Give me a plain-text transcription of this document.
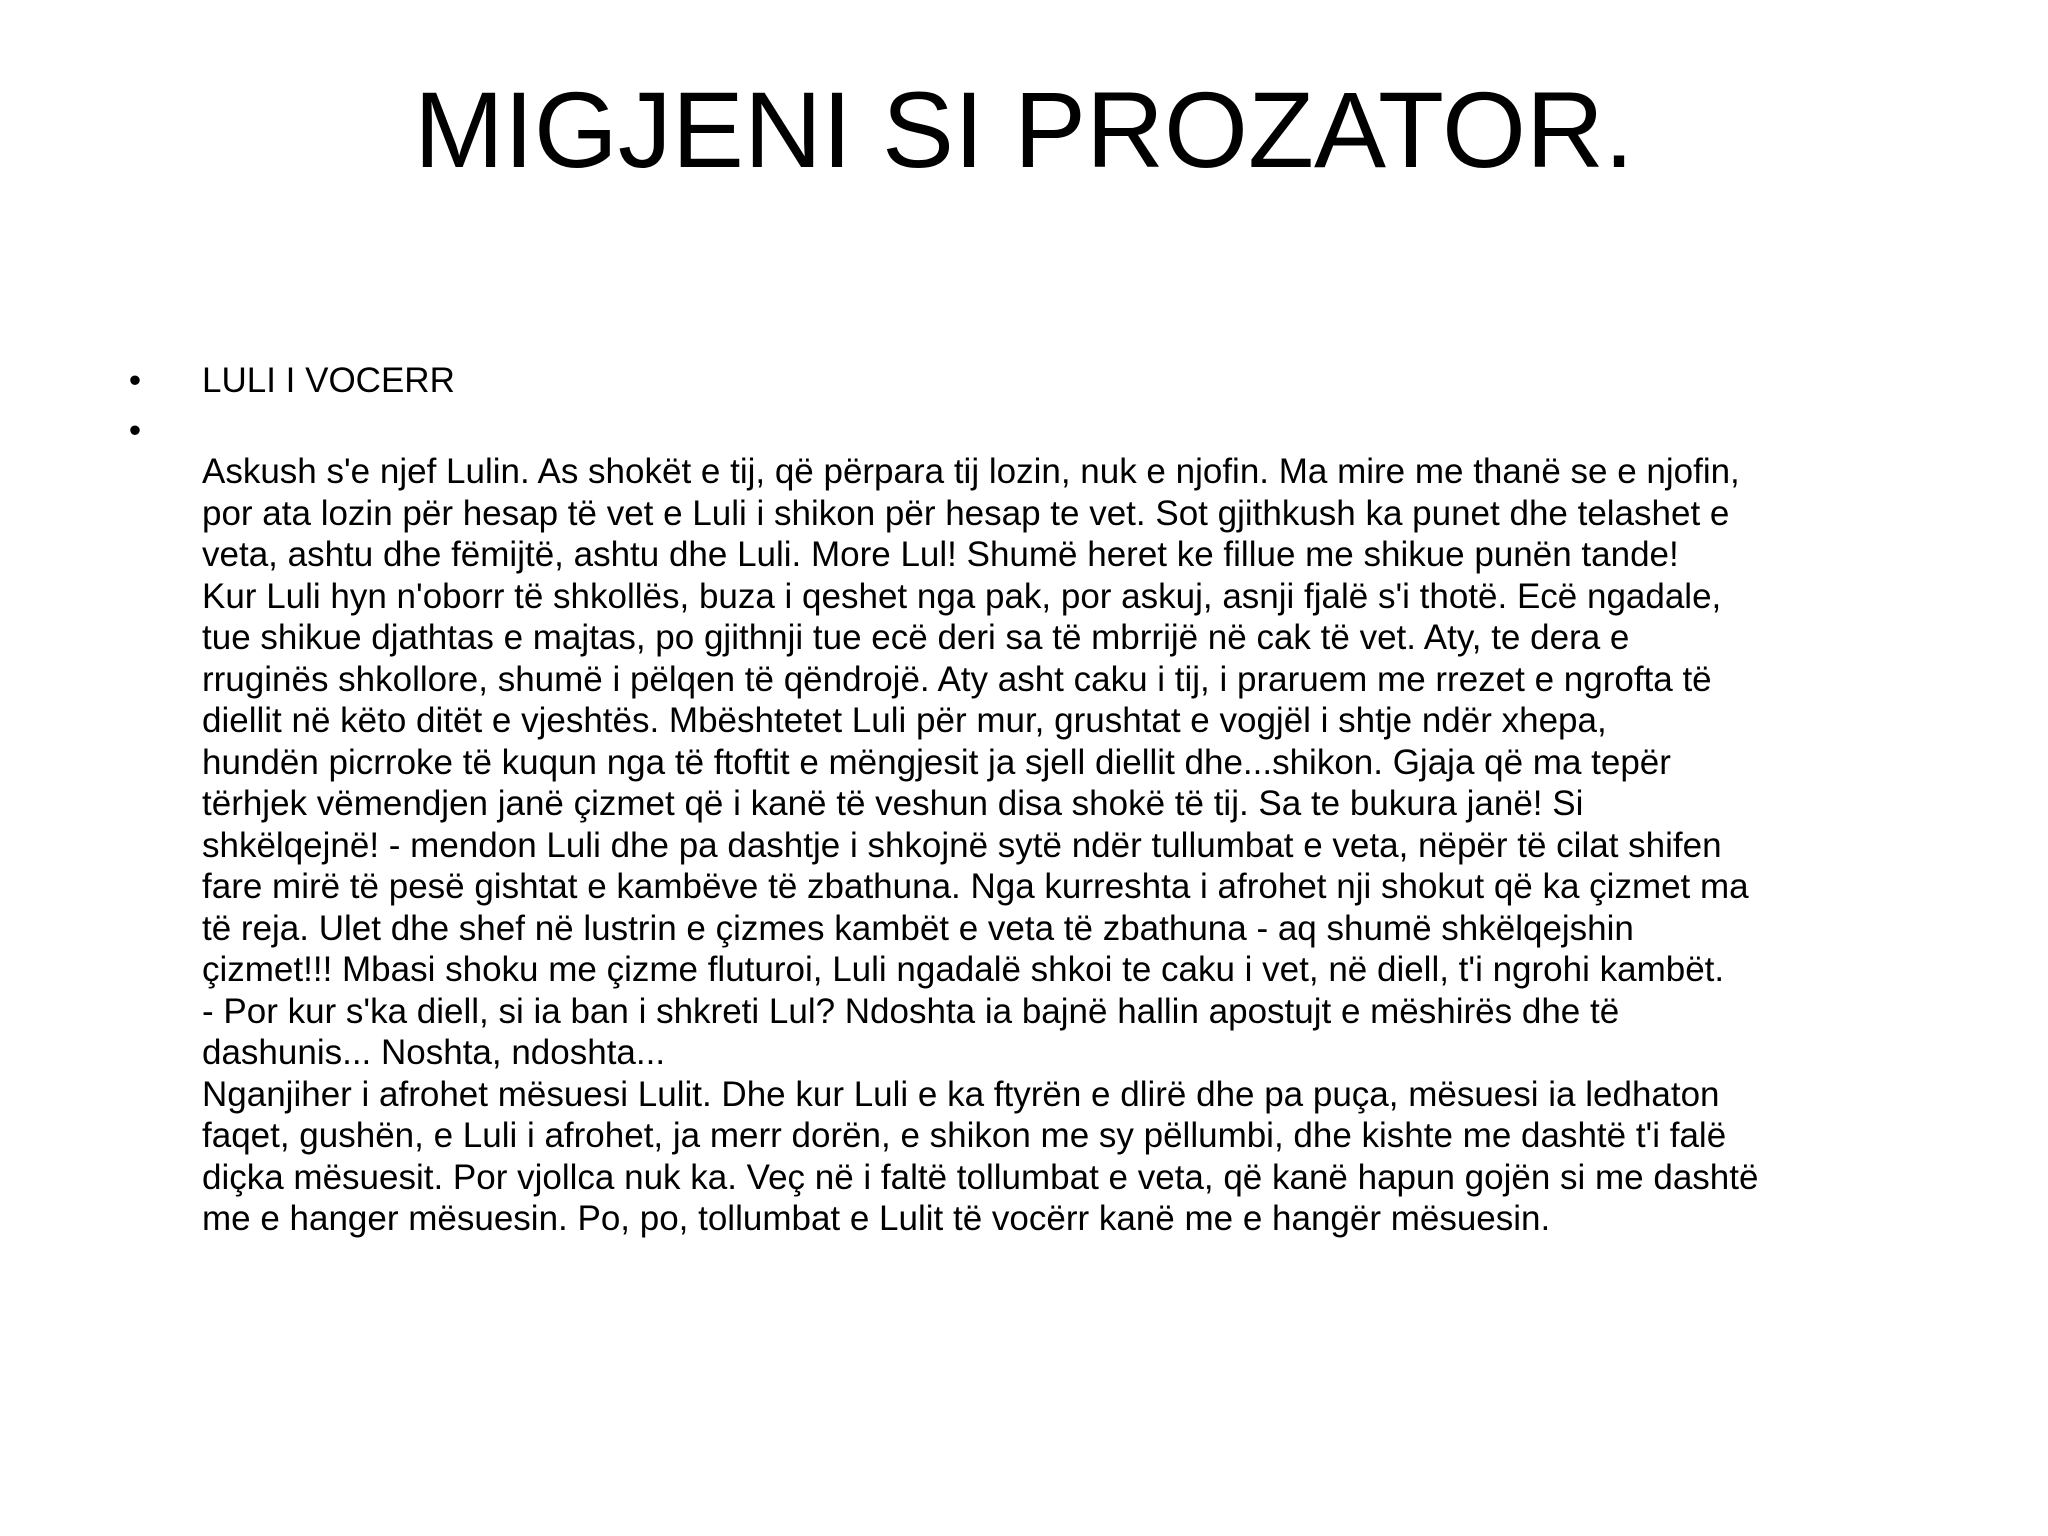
MIGJENI SI PROZATOR.
• LULI I VOCERR
•
Askush s'e njef Lulin. As shokët e tij, që përpara tij lozin, nuk e njofin. Ma mire me thanë se e njofin,
por ata lozin për hesap të vet e Luli i shikon për hesap te vet. Sot gjithkush ka punet dhe telashet e
veta, ashtu dhe fëmijtë, ashtu dhe Luli. More Lul! Shumë heret ke fillue me shikue punën tande!
Kur Luli hyn n'oborr të shkollës, buza i qeshet nga pak, por askuj, asnji fjalë s'i thotë. Ecë ngadale,
tue shikue djathtas e majtas, po gjithnji tue ecë deri sa të mbrrijë në cak të vet. Aty, te dera e
rruginës shkollore, shumë i pëlqen të qëndrojë. Aty asht caku i tij, i praruem me rrezet e ngrofta të
diellit në këto ditët e vjeshtës. Mbështetet Luli për mur, grushtat e vogjël i shtje ndër xhepa,
hundën picrroke të kuqun nga të ftoftit e mëngjesit ja sjell diellit dhe...shikon. Gjaja që ma tepër
tërhjek vëmendjen janë çizmet që i kanë të veshun disa shokë të tij. Sa te bukura janë! Si
shkëlqejnë! - mendon Luli dhe pa dashtje i shkojnë sytë ndër tullumbat e veta, nëpër të cilat shifen
fare mirë të pesë gishtat e kambëve të zbathuna. Nga kurreshta i afrohet nji shokut që ka çizmet ma
të reja. Ulet dhe shef në lustrin e çizmes kambët e veta të zbathuna - aq shumë shkëlqejshin
çizmet!!! Mbasi shoku me çizme fluturoi, Luli ngadalë shkoi te caku i vet, në diell, t'i ngrohi kambët.
- Por kur s'ka diell, si ia ban i shkreti Lul? Ndoshta ia bajnë hallin apostujt e mëshirës dhe të
dashunis... Noshta, ndoshta...
Nganjiher i afrohet mësuesi Lulit. Dhe kur Luli e ka ftyrën e dlirë dhe pa puça, mësuesi ia ledhaton
faqet, gushën, e Luli i afrohet, ja merr dorën, e shikon me sy pëllumbi, dhe kishte me dashtë t'i falë
diçka mësuesit. Por vjollca nuk ka. Veç në i faltë tollumbat e veta, që kanë hapun gojën si me dashtë
me e hanger mësuesin. Po, po, tollumbat e Lulit të vocërr kanë me e hangër mësuesin.
